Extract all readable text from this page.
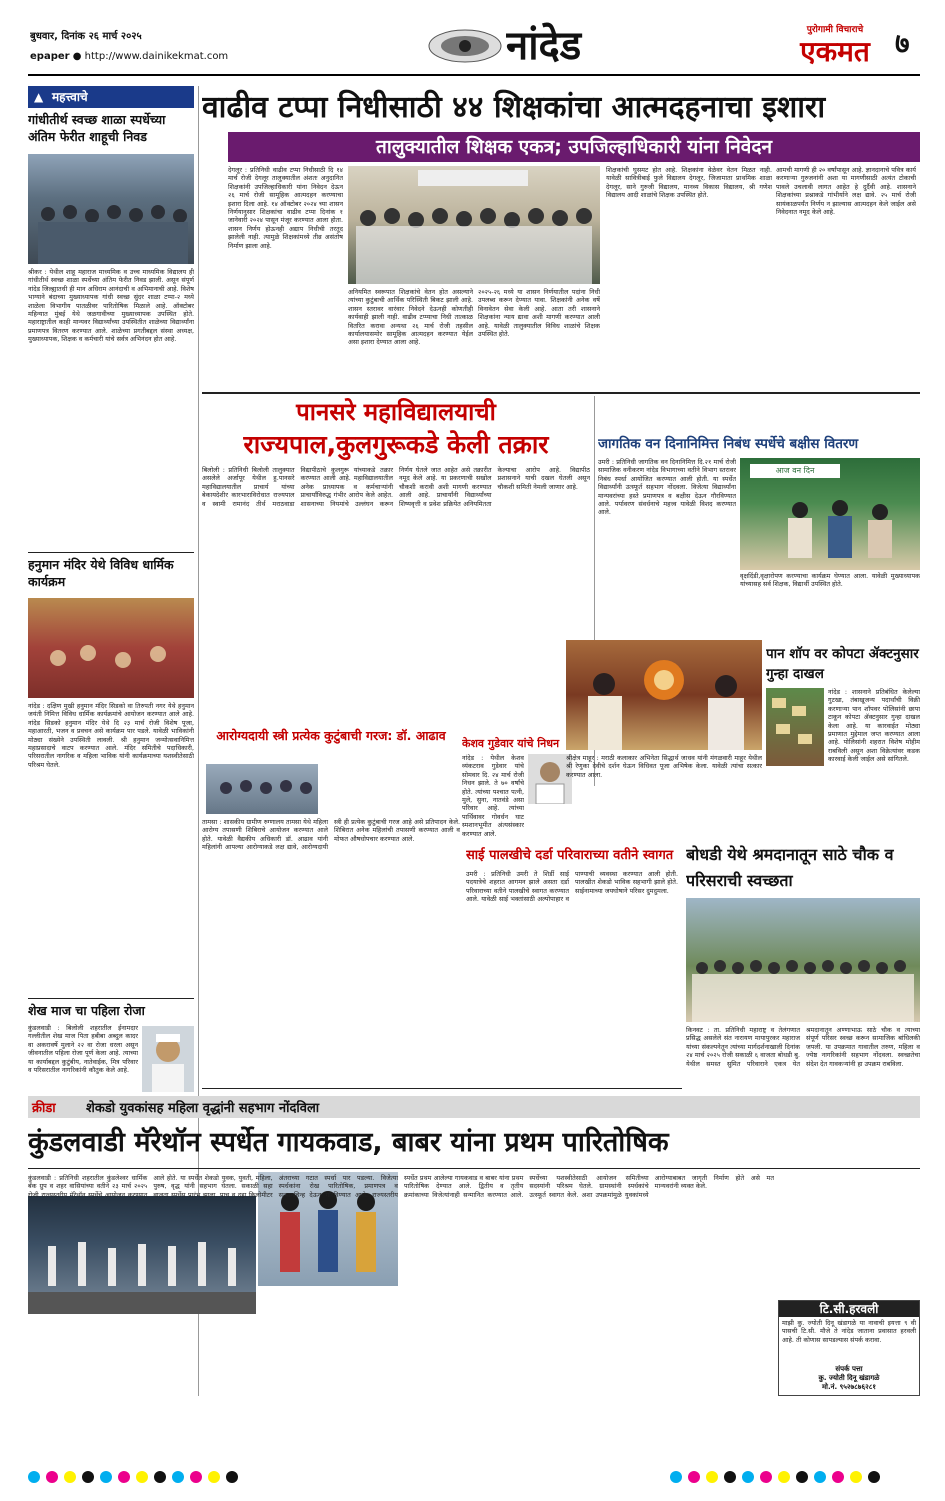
बुधवार, दिनांक २६ मार्च २०२५
epaper ● http://www.dainikekmat.com	नांदेड	पुरोगामी विचाराचे
एकमत ७
▲ महत्त्वाचे
गांधीतीर्थ स्वच्छ शाळा स्पर्धेच्या अंतिम फेरीत शाहूची निवड
श्रीकर : येथील शाहू महाराज माध्यमिक व उच्च माध्यमिक विद्यालय ही गांधीतीर्थ स्वच्छ शाळा स्पर्धेच्या अंतिम फेरीत निवड झाली. असून संपूर्ण नांदेड जिल्ह्यातधी ही मान अधिराम आनंदाची व अभिमानाची आहे. विशेष भाग्याने बंदाच्या मुख्याध्यापक गांधी स्वच्छ सुंदर शाळा टप्पा-२ मध्ये शाळेला विभागीय पातळीवर पारितोषिक मिळाले आहे. ऑक्टोबर महिन्यात मुंबई येथे जळगावीच्या मुख्याध्यापक उपस्थित होते. महाराष्ट्रातील काही मान्यवर विद्यार्थ्यांच्या उपस्थितीत शाळेच्या विद्यार्थ्यांना प्रमाणपत्र वितरण करण्यात आले. शाळेच्या प्रगतीबद्दल संस्था अध्यक्ष, मुख्याध्यापक, शिक्षक व कर्मचारी यांचे सर्वत्र अभिनंदन होत आहे.
हनुमान मंदिर येथे विविध धार्मिक कार्यक्रम
नांदेड : दक्षिण मुखी हनुमान मंदिर सिडको वा तिरुपती नगर येथे हनुमान जयंती निमित्त विविध धार्मिक कार्यक्रमांचे आयोजन करण्यात आले आहे. नांदेड सिडको हनुमान मंदिर येथे दि २३ मार्च रोजी विशेष पूजा, महाआरती, भजन व प्रवचन असे कार्यक्रम पार पडले. यावेळी भाविकांनी मोठ्या संख्येने उपस्थिती लावली. श्री हनुमान जन्मोत्सवानिमित्त महाप्रसादाचे वाटप करण्यात आले. मंदिर समितीचे पदाधिकारी, परिसरातील नागरिक व महिला भाविक यांनी कार्यक्रमाच्या यशस्वीतेसाठी परिश्रम घेतले.
शेख माज चा पहिला रोजा
कुंडलवाडी : बिलोली शहरातील ईनामदार गल्लीतील शेख माज पिता हबीबा अब्दुल कादर वा अकरावर्षे मुलाने २२ वा रोजा धरला असून जीवनातील पहिला रोजा पूर्ण केला आहे. त्याच्या या कार्याबद्दल कुटुंबीय, नातेवाईक, मित्र परिवार व परिसरातील नागरिकांनी कौतुक केले आहे.
वाढीव टप्पा निधीसाठी ४४ शिक्षकांचा आत्मदहनाचा इशारा
तालुक्यातील शिक्षक एकत्र; उपजिल्हाधिकारी यांना निवेदन
देगलूर : प्रतिनिधी वाढीव टप्पा निधीसाठी दि १४ मार्च रोजी देगलूर तालुक्यातील अंशतः अनुदानित शिक्षकांनी उपजिल्हाधिकारी यांना निवेदन देऊन २६ मार्च रोजी सामूहिक आत्मदहन करण्याचा इशारा दिला आहे. १४ ऑक्टोबर २०२४ च्या शासन निर्णयानुसार शिक्षकांचा वाढीव टप्पा दिनांक १ जानेवारी २०२४ पासून मंजूर करण्यात आला होता. शासन निर्णय होऊनही अद्याप निधीची तरतूद झालेली नाही. त्यामुळे शिक्षकांमध्ये तीव्र असंतोष निर्माण झाला आहे.
अनियमित स्वरूपात शिक्षकांचे वेतन होत असल्याने त्यांच्या कुटुंबाची आर्थिक परिस्थिती बिकट झाली आहे. शासन स्तरावर वारंवार निवेदने देऊनही कोणतीही कार्यवाही झाली नाही. वाढीव टप्प्याचा निधी तात्काळ वितरित करावा अन्यथा २६ मार्च रोजी तहसील कार्यालयासमोर सामूहिक आत्मदहन करण्यात येईल असा इशारा देण्यात आला आहे.
२०२५-२६ मध्ये या शासन निर्णयातील पदांना निधी उपलब्ध करून देण्यात यावा. शिक्षकांनी अनेक वर्षे विनावेतन सेवा केली आहे. आता तरी शासनाने शिक्षकांना न्याय द्यावा अशी मागणी करण्यात आली आहे. यावेळी तालुक्यातील विविध शाळांचे शिक्षक उपस्थित होते.
शिक्षकांची घुसमट होत आहे. शिक्षकांना वेळेवर वेतन मिळत नाही. यावेळी सावित्रीबाई फुले विद्यालय देगलूर, जिजामाता प्राथमिक शाळा देगलूर, साने गुरुजी विद्यालय, मानव्य विकास विद्यालय, श्री गणेश विद्यालय आदी शाळांचे शिक्षक उपस्थित होते.
आमची मागणी ही २० वर्षांपासून आहे. ज्ञानदानाचे पवित्र कार्य करणाऱ्या गुरुजनांनी अशा या मागणीसाठी अत्यंत टोकाची पावले उचलावी लागत आहेत हे दुर्दैवी आहे. शासनाने शिक्षकांच्या प्रश्नाकडे गांभीर्याने लक्ष द्यावे. २५ मार्च रोजी सायंकाळपर्यंत निर्णय न झाल्यास आत्मदहन केले जाईल असे निवेदनात नमूद केले आहे.
पानसरे महाविद्यालयाची
राज्यपाल,कुलगुरूकडे केली तक्रार
बिलोली : प्रतिनिधी बिलोली तालुक्यात असलेले अर्जापूर येथील हु.पानसरे महाविद्यालयातील प्राचार्य यांच्या बेकायदेशीर कारभाराविरोधात राज्यपाल व स्वामी रामानंद तीर्थ मराठवाडा विद्यापीठाचे कुलगुरू यांच्याकडे तक्रार करण्यात आली आहे. महाविद्यालयातील अनेक प्राध्यापक व कर्मचाऱ्यांनी प्राचार्यांविरुद्ध गंभीर आरोप केले आहेत. शासनाच्या नियमांचे उल्लंघन करून निर्णय घेतले जात आहेत असे तक्रारीत नमूद केले आहे. या प्रकरणाची सखोल चौकशी करावी अशी मागणी करण्यात आली आहे. प्राचार्यांनी विद्यार्थ्यांच्या शिष्यवृत्ती व प्रवेश प्रक्रियेत अनियमितता केल्याचा आरोप आहे. विद्यापीठ प्रशासनाने याची दखल घेतली असून चौकशी समिती नेमली जाणार आहे.
आरोग्यदायी स्त्री प्रत्येक कुटुंबाची गरज: डॉ. आढाव
तामसा : शासकीय ग्रामीण रुग्णालय तामसा येथे महिला आरोग्य तपासणी शिबिराचे आयोजन करण्यात आले होते. यावेळी वैद्यकीय अधिकारी डॉ. आढाव यांनी महिलांनी आपल्या आरोग्याकडे लक्ष द्यावे, आरोग्यदायी स्त्री ही प्रत्येक कुटुंबाची गरज आहे असे प्रतिपादन केले. शिबिरात अनेक महिलांची तपासणी करण्यात आली व मोफत औषधोपचार करण्यात आले.
केशव गुडेवार यांचे निधन
नांदेड : येथील केशव व्यंकटराव गुडेवार यांचे सोमवार दि. २४ मार्च रोजी निधन झाले. ते ७० वर्षांचे होते. त्यांच्या पश्चात पत्नी, मुले, सुना, नातवंडे असा परिवार आहे. त्यांच्या पार्थिवावर गोवर्धन घाट स्मशानभूमीत अंत्यसंस्कार करण्यात आले.
जागतिक वन दिनानिमित्त निबंध स्पर्धेचे बक्षीस वितरण
उमरी : प्रतिनिधी जागतिक वन दिनानिमित्त दि.२१ मार्च रोजी सामाजिक वनीकरण नांदेड विभागाच्या वतीने विभाग स्तरावर निबंध स्पर्धा आयोजित करण्यात आली होती. या स्पर्धेत विद्यार्थ्यांनी उत्स्फूर्त सहभाग नोंदवला. विजेत्या विद्यार्थ्यांना मान्यवरांच्या हस्ते प्रमाणपत्र व बक्षीस देऊन गौरविण्यात आले. पर्यावरण संवर्धनाचे महत्त्व यावेळी विशद करण्यात आले.
आज वन दिन
वृक्षदिंडी,वृक्षारोपण करण्याचा कार्यक्रम घेण्यात आला. यावेळी मुख्याध्यापक यांच्यासह सर्व शिक्षक, विद्यार्थी उपस्थित होते.
श्रीक्षेत्र माहूर : मराठी कलाकार अभिनेता सिद्धार्थ जाधव यांनी मंगळवारी माहूर येथील श्री रेणुका देवीचे दर्शन घेऊन विधिवत पूजा अभिषेक केला. यावेळी त्यांचा सत्कार करण्यात आला.
पान शॉप वर कोपटा ॲक्टनुसार गुन्हा दाखल
नांदेड : शासनाने प्रतिबंधित केलेल्या गुटखा, तंबाखूजन्य पदार्थांची विक्री करणाऱ्या पान शॉपवर पोलिसांनी छापा टाकून कोपटा ॲक्टनुसार गुन्हा दाखल केला आहे. या कारवाईत मोठ्या प्रमाणात मुद्देमाल जप्त करण्यात आला आहे. पोलिसांनी शहरात विशेष मोहीम राबविली असून अशा विक्रेत्यांवर कडक कारवाई केली जाईल असे सांगितले.
साई पालखीचे दर्डा परिवाराच्या वतीने स्वागत
उमरी : प्रतिनिधी उमरी ते शिर्डी साई पदयात्रेचे शहरात आगमन झाले असता दर्डा परिवाराच्या वतीने पालखीचे स्वागत करण्यात आले. यावेळी साई भक्तांसाठी अल्पोपाहार व पाण्याची व्यवस्था करण्यात आली होती. पालखीत शेकडो भाविक सहभागी झाले होते. साईनामाच्या जयघोषाने परिसर दुमदुमला.
बोधडी येथे श्रमदानातून साठे चौक व परिसराची स्वच्छता
किनवट : ता. प्रतिनिधी महाराष्ट्र व तेलंगणात प्रसिद्ध असलेले संत नारायण मायापुरकर महाराज यांच्या संकल्पनेतून त्यांच्या मार्गदर्शनाखाली दिनांक २४ मार्च २०२५ रोजी सकाळी ६ वाजता बोधडी बु. येथील समस्त सुमित परिवाराने एकत्र येत श्रमदानातून अण्णाभाऊ साठे चौक व त्याच्या संपूर्ण परिसर स्वच्छ करून सामाजिक बांधिलकी जपली. या उपक्रमात गावातील तरुण, महिला व ज्येष्ठ नागरिकांनी सहभाग नोंदवला. स्वच्छतेचा संदेश देत गावकऱ्यांनी हा उपक्रम राबविला.
क्रीडा शेकडो युवकांसह महिला वृद्धांनी सहभाग नोंदविला
कुंडलवाडी मॅरेथॉन स्पर्धेत गायकवाड, बाबर यांना प्रथम पारितोषिक
कुंडलवाडी : प्रतिनिधी शहरातील कुंडलेश्वर धार्मिक बँक ग्रुप व शहर वासियांच्या वतीने २३ मार्च २०२५ रोजी राज्यस्तरीय मॅरेथॉन स्पर्धेचे आयोजन करण्यात आले होते. या स्पर्धेत शेकडो युवक, युवती, महिला, पुरुष, वृद्ध यांनी सहभाग घेतला. सकाळी सहा वाजता स्पर्धेस प्रारंभ झाला. पाच व दहा किलोमीटर अंतराच्या गटात स्पर्धा पार पडल्या. विजेत्या स्पर्धकांना रोख पारितोषिक, प्रमाणपत्र व सन्मानचिन्ह देऊन गौरविण्यात आले. राज्यस्तरीय स्पर्धेत प्रथम आलेल्या गायकवाड व बाबर यांना प्रथम पारितोषिक देण्यात आले. द्वितीय व तृतीय क्रमांकाच्या विजेत्यांनाही सन्मानित करण्यात आले. स्पर्धेच्या यशस्वीतेसाठी आयोजन समितीच्या सदस्यांनी परिश्रम घेतले. ग्रामस्थांनी स्पर्धकांचे उत्स्फूर्त स्वागत केले. अशा उपक्रमांमुळे युवकांमध्ये आरोग्याबाबत जागृती निर्माण होते असे मत मान्यवरांनी व्यक्त केले.
टि.सी.हरवली
माझी कु. ज्योती दिनू खंडागळे या नावाची इयत्ता ९ वी पासची टि.सी. मौजे ते नांदेड जाताना प्रवासात हरवली आहे. ती कोणास सापडल्यास संपर्क करावा.
संपर्क पत्ता
कु. ज्योती दिनू खंडागळे
मो.नं. ९५२७८७६२८१
